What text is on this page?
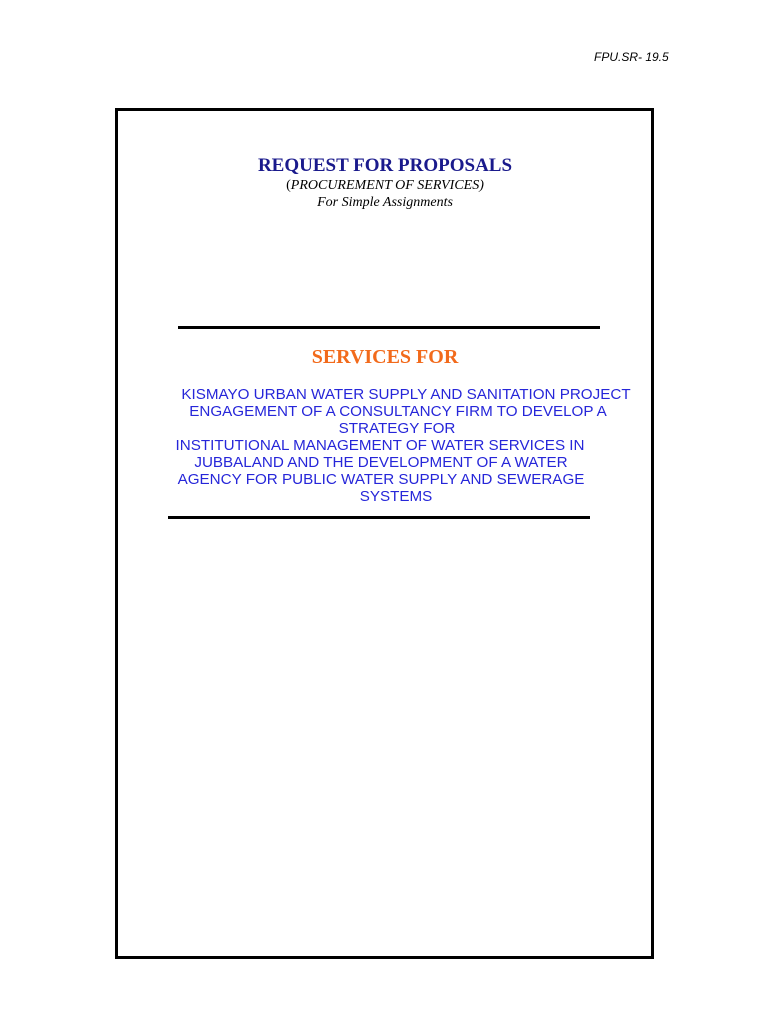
FPU.SR- 19.5
REQUEST FOR PROPOSALS
(PROCUREMENT OF SERVICES)
For Simple Assignments
SERVICES FOR
KISMAYO URBAN WATER SUPPLY AND SANITATION PROJECT
ENGAGEMENT OF A CONSULTANCY FIRM TO DEVELOP A
STRATEGY FOR
INSTITUTIONAL MANAGEMENT OF WATER SERVICES IN
JUBBALAND AND THE DEVELOPMENT OF A WATER
AGENCY FOR PUBLIC WATER SUPPLY AND SEWERAGE
SYSTEMS
